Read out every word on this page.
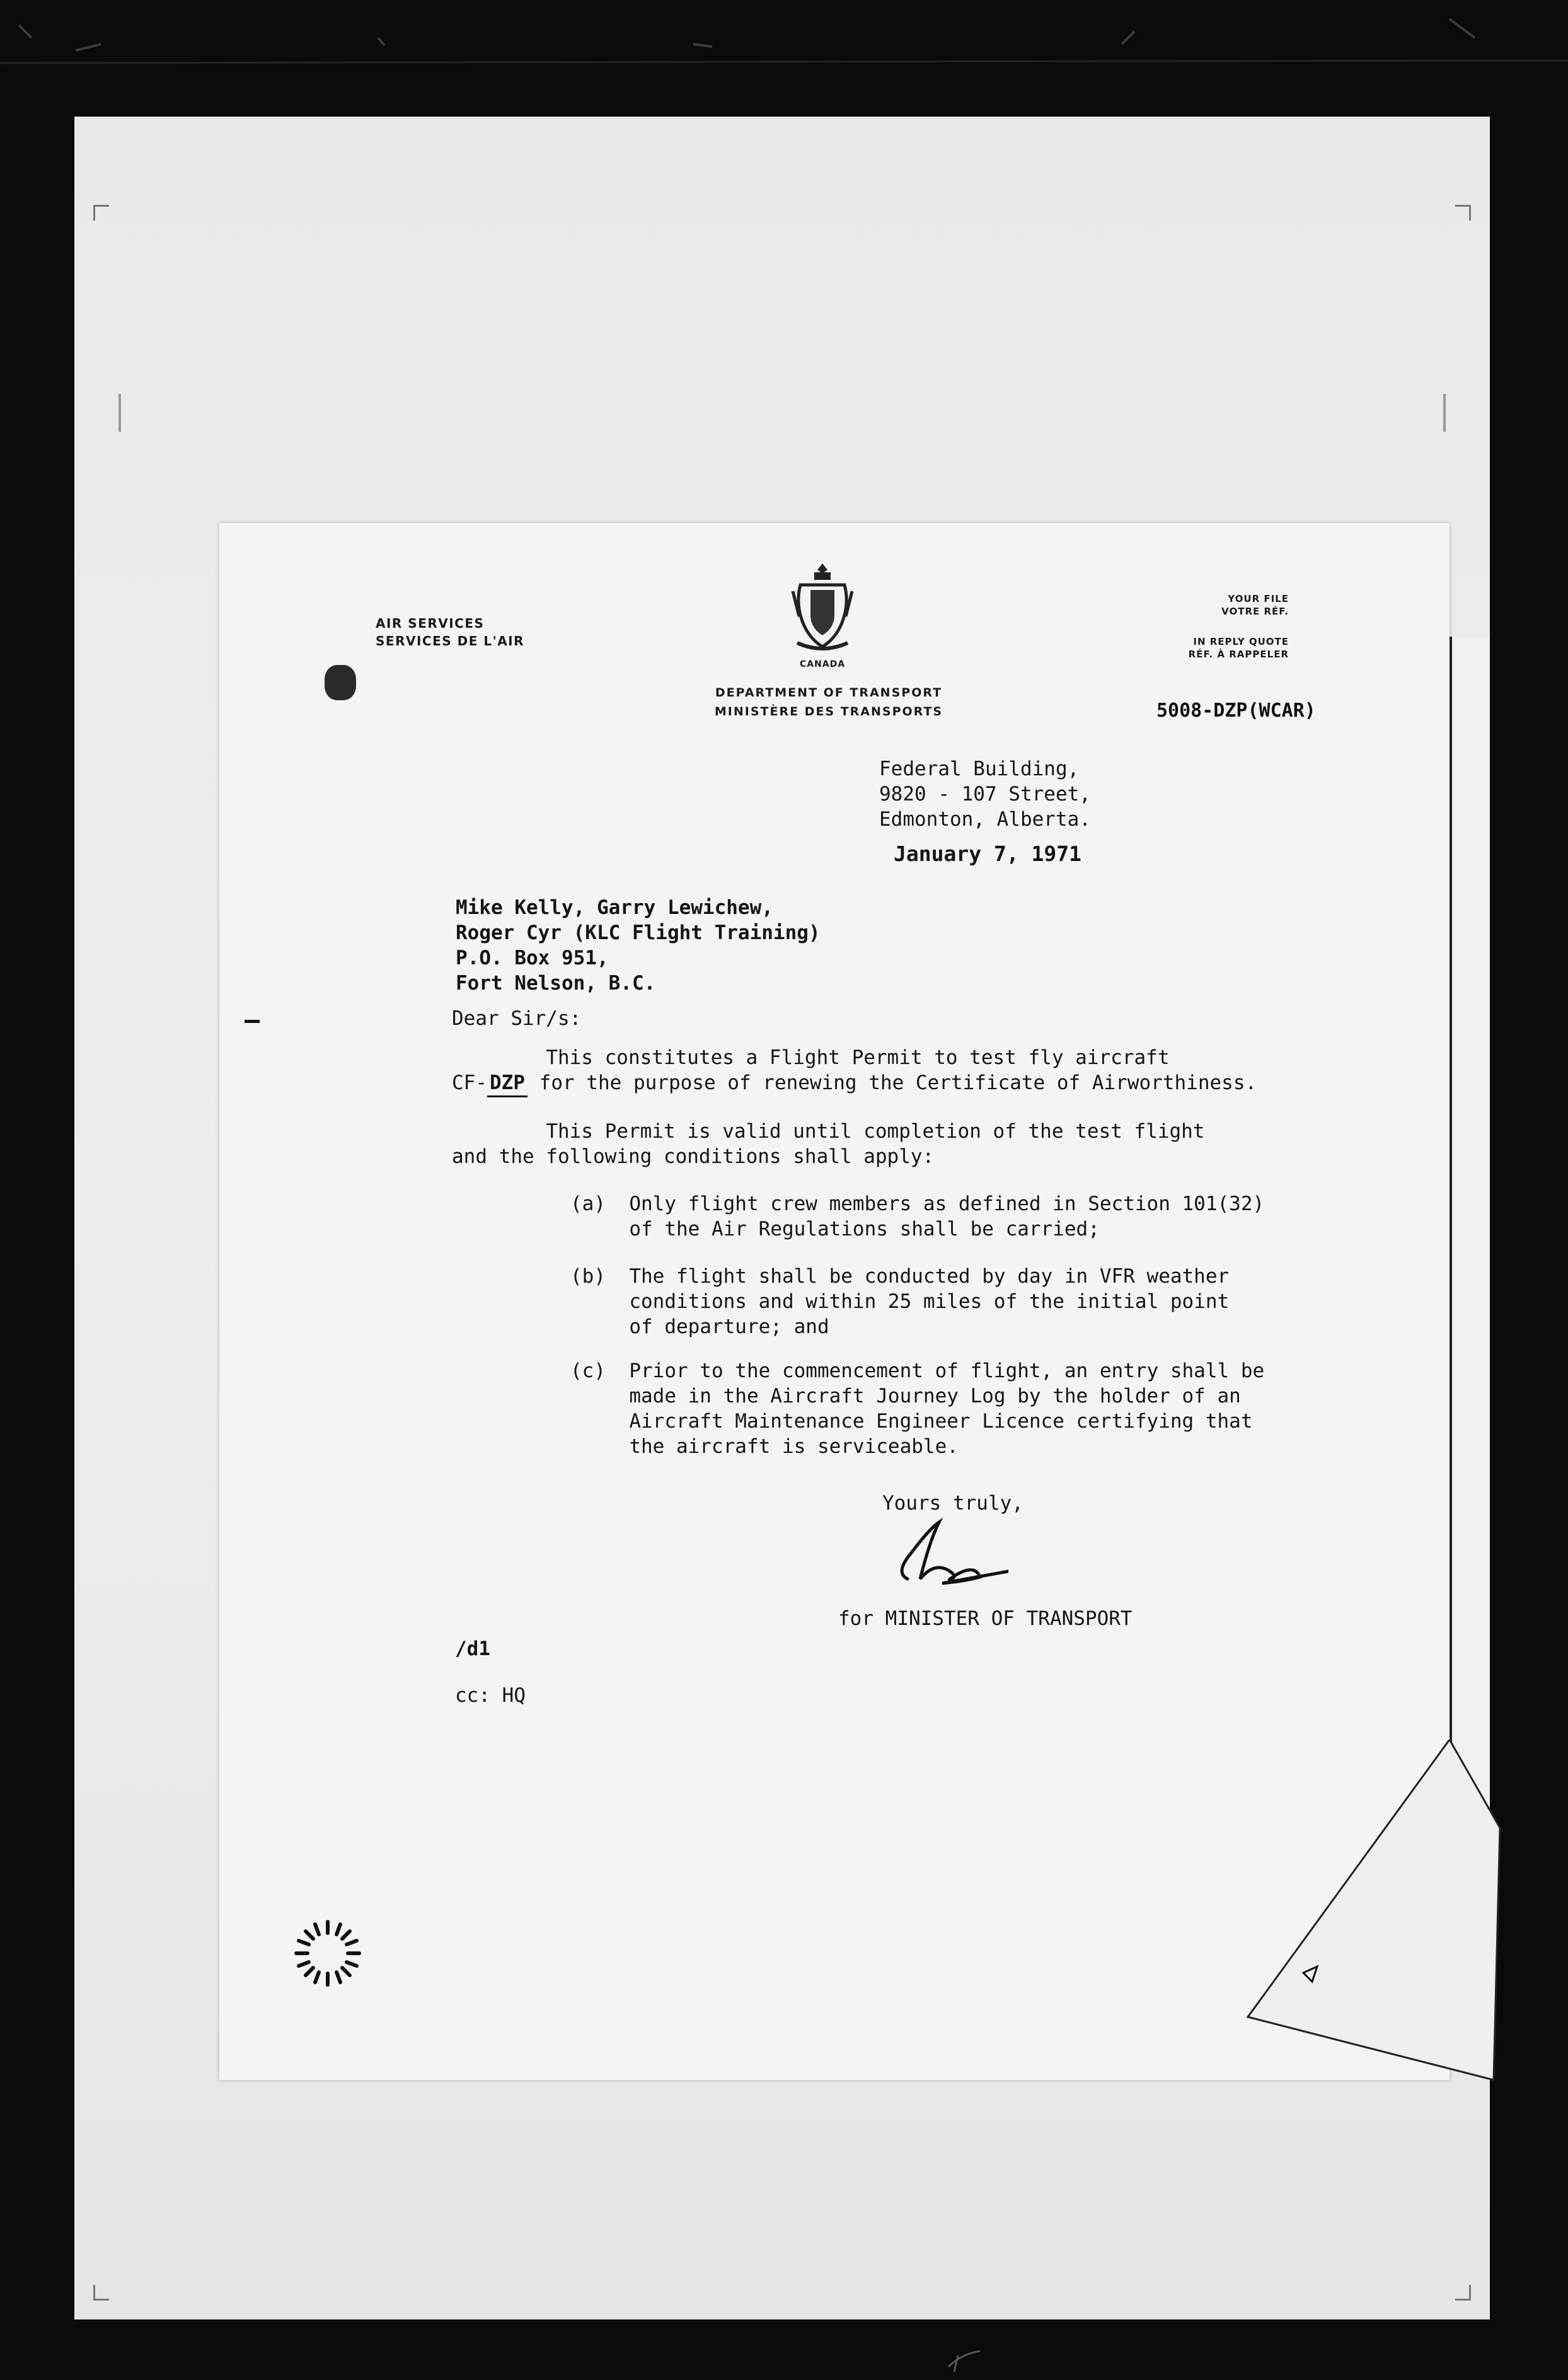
AIR SERVICES
SERVICES DE L'AIR
CANADA
DEPARTMENT OF TRANSPORT
MINISTÈRE DES TRANSPORTS
YOUR FILE
VOTRE RÉF.
IN REPLY QUOTE
RÉF. À RAPPELER
5008-DZP(WCAR)
Federal Building,
9820 - 107 Street,
Edmonton, Alberta.
January 7, 1971
Mike Kelly, Garry Lewichew,
Roger Cyr (KLC Flight Training)
P.O. Box 951,
Fort Nelson, B.C.
Dear Sir/s:
This constitutes a Flight Permit to test fly aircraft
CF- DZP for the purpose of renewing the Certificate of Airworthiness.
This Permit is valid until completion of the test flight
and the following conditions shall apply:
(a) Only flight crew members as defined in Section 101(32)
of the Air Regulations shall be carried;
(b) The flight shall be conducted by day in VFR weather
conditions and within 25 miles of the initial point
of departure; and
(c) Prior to the commencement of flight, an entry shall be
made in the Aircraft Journey Log by the holder of an
Aircraft Maintenance Engineer Licence certifying that
the aircraft is serviceable.
Yours truly,
for MINISTER OF TRANSPORT
/d1
cc: HQ
